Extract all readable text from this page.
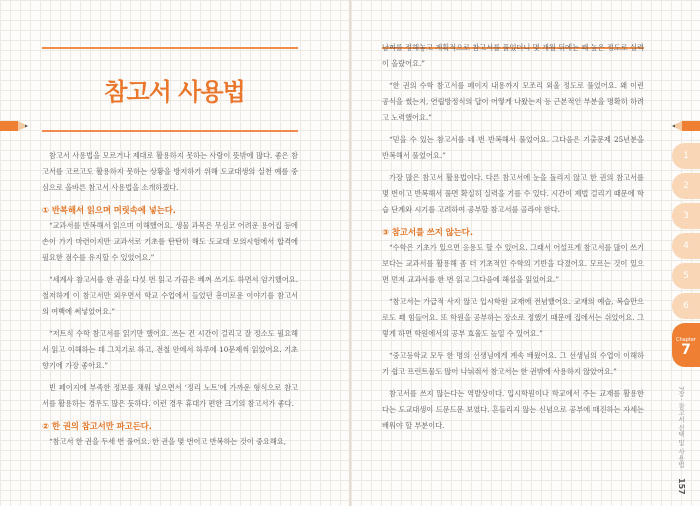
참고서 사용법

참고서 사용법을 모르거나 제대로 활용하지 못하는 사람이 뜻밖에 많다. 좋은 참고서를 고르고도 활용하지 못하는 상황을 방지하기 위해 도교대생의 실천 예를 중심으로 올바른 참고서 사용법을 소개하겠다.

① 반복해서 읽으며 머릿속에 넣는다.

“교과서를 반복해서 읽으며 이해했어요. 생물 과목은 무심코 어려운 용어집 등에 손이 가기 마련이지만 교과서로 기초를 탄탄히 해도 도교대 모의시험에서 합격에 필요한 점수를 유지할 수 있었어요.”

“세계사 참고서를 한 권을 다섯 번 읽고 가끔은 베껴 쓰기도 하면서 암기했어요. 철저하게 이 참고서만 외우면서 학교 수업에서 들었던 흥미로운 이야기를 참고서의 여백에 써넣었어요.”

“저트식 수학 참고서를 읽기만 했어요. 쓰는 건 시간이 걸리고 잘 정소도 필요해서 읽고 이해하는 데 그치기로 하고, 전철 안에서 하루에 10문제씩 읽었어요. 기초 향기에 가장 좋아요.”

빈 페이지에 부족한 정보를 채워 넣으면서 ‘정리 노트’에 가까운 형식으로 참고서를 활용하는 경우도 많은 듯하다. 이런 경우 휴대가 편한 크기의 참고서가 좋다.

② 한 권의 참고서만 파고든다.

“참고서 한 권을 두세 번 풀어요. 한 권을 몇 번이고 반복하는 것이 중요해요,

날짜를 정해놓고 계획적으로 참고서를 풀었더니 몇 개월 뒤에는 꽤 높은 정도로 실력이 올랐어요.”

“한 권의 수학 참고서를 페이지 내용까지 모조리 외울 정도로 풀었어요. 왜 이런 공식을 썼는지, 연립방정식의 답이 어떻게 나왔는지 등 근본적인 부분을 명확히 하려고 노력했어요.”

“믿을 수 있는 참고서를 네 번 반복해서 풀었어요. 그다음은 기출문제 25년분을 반복해서 풀었어요.”

가장 많은 참고서 활용법이다. 다른 참고서에 눈을 돌리지 않고 한 권의 참고서를 몇 번이고 반복해서 풀면 확실히 실력을 기를 수 있다. 시간이 제법 걸리기 때문에 학습 단계와 시기를 고려하여 공부할 참고서를 골라야 한다.

③ 참고서를 쓰지 않는다.

“수학은 기초가 있으면 응용도 할 수 있어요. 그래서 어설프게 참고서를 많이 쓰기보다는 교과서를 활용해 좀 더 기초적인 수학의 기반을 다졌어요. 모르는 것이 있으면 먼저 교과서를 한 번 읽고 그다음에 해설을 읽었어요.”

“참고서는 가급적 사지 않고 입시학원 교재에 전념했어요. 교재의 예습, 복습만으로도 꽤 힘들어요. 또 학원을 공부하는 장소로 정했기 때문에 집에서는 쉬었어요. 그렇게 하면 학원에서의 공부 효율도 높일 수 있어요.”

“중고등학교 모두 한 명의 선생님에게 계속 배웠어요. 그 선생님의 수업이 이해하기 쉽고 프린트물도 많이 나눠줘서 참고서는 한 권밖에 사용하지 않았어요.”

참고서를 쓰지 않는다는 역발상이다. 입시학원이나 학교에서 주는 교재를 활용한다는 도교대생이 드문드문 보였다. 흔들리지 않는 신념으로 공부에 매진하는 자세는 배워야 할 부분이다.

1
2
3
4
5
6
Chapter
7
7장 · 참고서 선택 및 사용법
157
